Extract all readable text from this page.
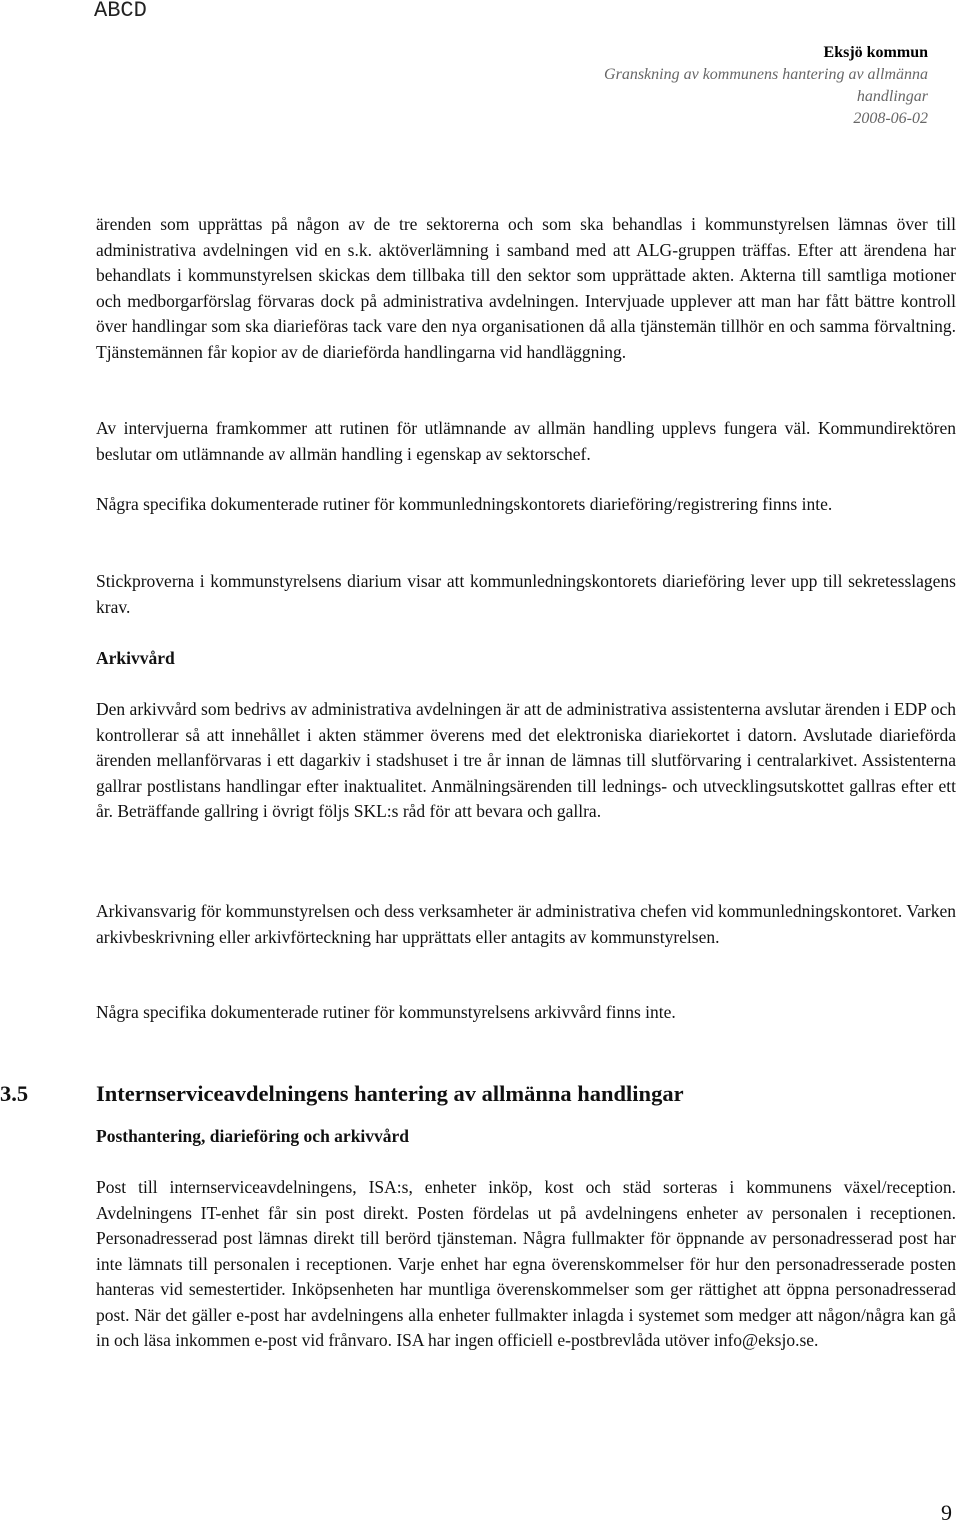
ABCD
Eksjö kommun
Granskning av kommunens hantering av allmänna
handlingar
2008-06-02

ärenden som upprättas på någon av de tre sektorerna och som ska behandlas i kommunstyrelsen lämnas över till administrativa avdelningen vid en s.k. aktöverlämning i samband med att ALG-gruppen träffas. Efter att ärendena har behandlats i kommunstyrelsen skickas dem tillbaka till den sektor som upprättade akten. Akterna till samtliga motioner och medborgarförslag förvaras dock på administrativa avdelningen. Intervjuade upplever att man har fått bättre kontroll över handlingar som ska diarieföras tack vare den nya organisationen då alla tjänstemän tillhör en och samma förvaltning. Tjänstemännen får kopior av de diarieförda handlingarna vid handläggning.

Av intervjuerna framkommer att rutinen för utlämnande av allmän handling upplevs fungera väl. Kommundirektören beslutar om utlämnande av allmän handling i egenskap av sektorschef.

Några specifika dokumenterade rutiner för kommunledningskontorets diarieföring/registrering finns inte.

Stickproverna i kommunstyrelsens diarium visar att kommunledningskontorets diarieföring lever upp till sekretesslagens krav.

Arkivvård

Den arkivvård som bedrivs av administrativa avdelningen är att de administrativa assistenterna avslutar ärenden i EDP och kontrollerar så att innehållet i akten stämmer överens med det elektroniska diariekortet i datorn. Avslutade diarieförda ärenden mellanförvaras i ett dagarkiv i stadshuset i tre år innan de lämnas till slutförvaring i centralarkivet. Assistenterna gallrar postlistans handlingar efter inaktualitet. Anmälningsärenden till lednings- och utvecklingsutskottet gallras efter ett år. Beträffande gallring i övrigt följs SKL:s råd för att bevara och gallra.

Arkivansvarig för kommunstyrelsen och dess verksamheter är administrativa chefen vid kommunledningskontoret. Varken arkivbeskrivning eller arkivförteckning har upprättats eller antagits av kommunstyrelsen.

Några specifika dokumenterade rutiner för kommunstyrelsens arkivvård finns inte.

3.5	Internserviceavdelningens hantering av allmänna handlingar
Posthantering, diarieföring och arkivvård

Post till internserviceavdelningens, ISA:s, enheter inköp, kost och städ sorteras i kommunens växel/reception. Avdelningens IT-enhet får sin post direkt. Posten fördelas ut på avdelningens enheter av personalen i receptionen. Personadresserad post lämnas direkt till berörd tjänsteman. Några fullmakter för öppnande av personadresserad post har inte lämnats till personalen i receptionen. Varje enhet har egna överenskommelser för hur den personadresserade posten hanteras vid semestertider. Inköpsenheten har muntliga överenskommelser som ger rättighet att öppna personadresserad post. När det gäller e-post har avdelningens alla enheter fullmakter inlagda i systemet som medger att någon/några kan gå in och läsa inkommen e-post vid frånvaro. ISA har ingen officiell e-postbrevlåda utöver info@eksjo.se.

9
